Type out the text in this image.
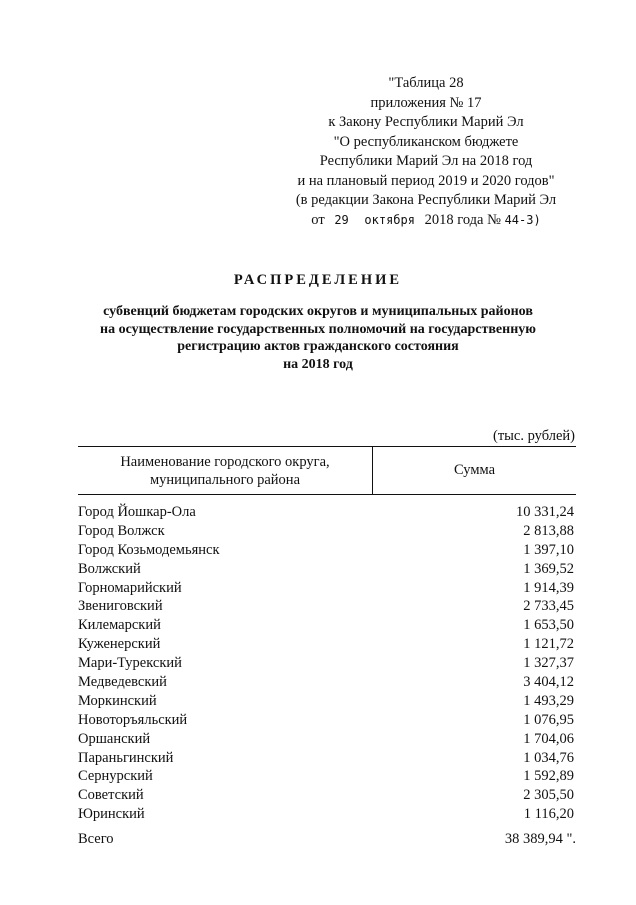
"Таблица 28
приложения № 17
к Закону Республики Марий Эл
"О республиканском бюджете
Республики Марий Эл на 2018 год
и на плановый период 2019 и 2020 годов"
(в редакции Закона Республики Марий Эл
от 29 октября 2018 года № 44-З)
РАСПРЕДЕЛЕНИЕ
субвенций бюджетам городских округов и муниципальных районов
на осуществление государственных полномочий на государственную
регистрацию актов гражданского состояния
на 2018 год
(тыс. рублей)
Наименование городского округа,
муниципального района
Сумма
Город Йошкар-Ола	10 331,24
Город Волжск	2 813,88
Город Козьмодемьянск	1 397,10
Волжский	1 369,52
Горномарийский	1 914,39
Звениговский	2 733,45
Килемарский	1 653,50
Куженерский	1 121,72
Мари-Турекский	1 327,37
Медведевский	3 404,12
Моркинский	1 493,29
Новоторъяльский	1 076,95
Оршанский	1 704,06
Параньгинский	1 034,76
Сернурский	1 592,89
Советский	2 305,50
Юринский	1 116,20
Всего	38 389,94 ".
